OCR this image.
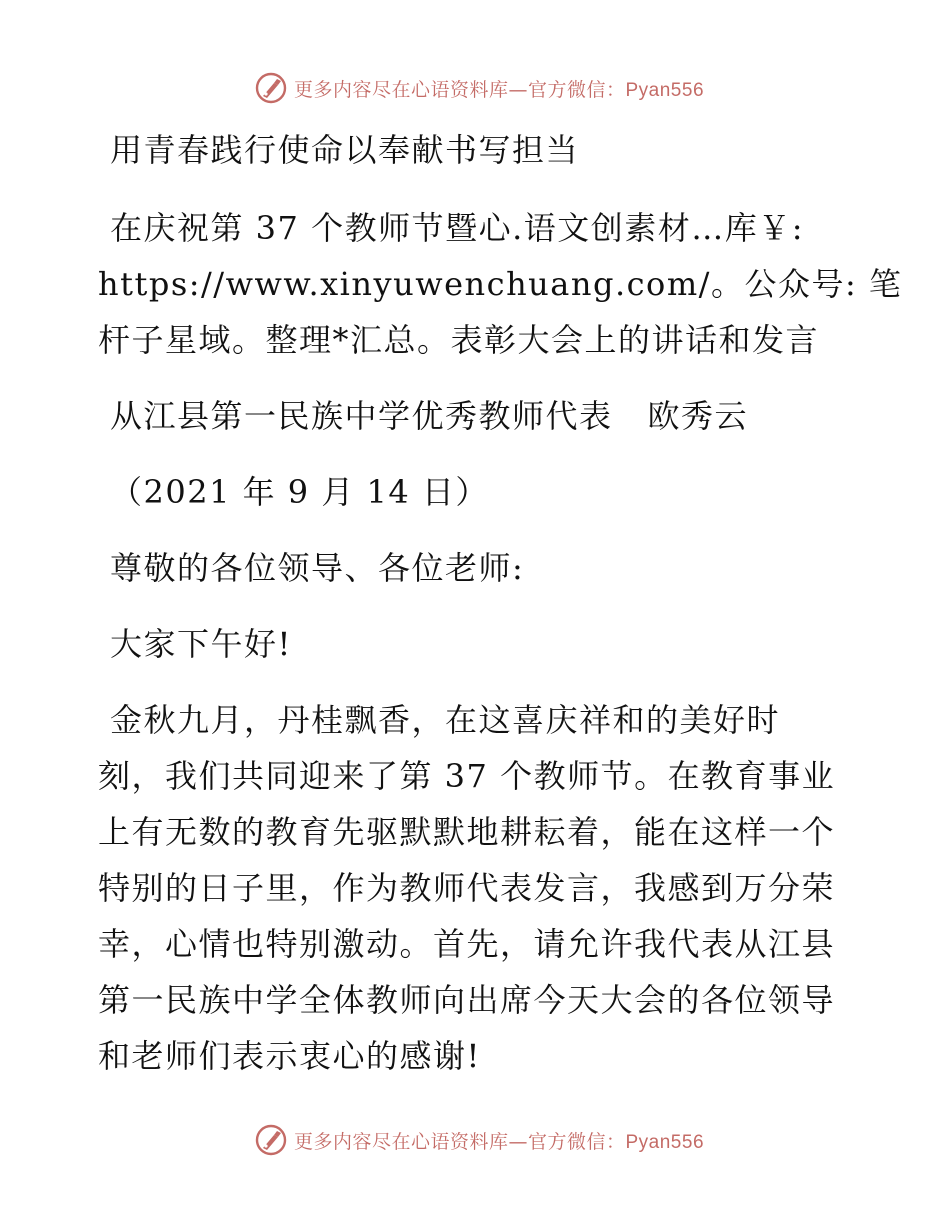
更多内容尽在心语资料库—官方微信：Pyan556

用青春践行使命以奉献书写担当

在庆祝第 37 个教师节暨心.语文创素材…库￥:
https://www.xinyuwenchuang.com/。公众号: 笔
杆子星域。整理*汇总。表彰大会上的讲话和发言

从江县第一民族中学优秀教师代表   欧秀云

（2021 年 9 月 14 日）

尊敬的各位领导、各位老师:

大家下午好!

金秋九月，丹桂飘香，在这喜庆祥和的美好时
刻，我们共同迎来了第 37 个教师节。在教育事业
上有无数的教育先驱默默地耕耘着，能在这样一个
特别的日子里，作为教师代表发言，我感到万分荣
幸，心情也特别激动。首先，请允许我代表从江县
第一民族中学全体教师向出席今天大会的各位领导
和老师们表示衷心的感谢!

更多内容尽在心语资料库—官方微信：Pyan556
